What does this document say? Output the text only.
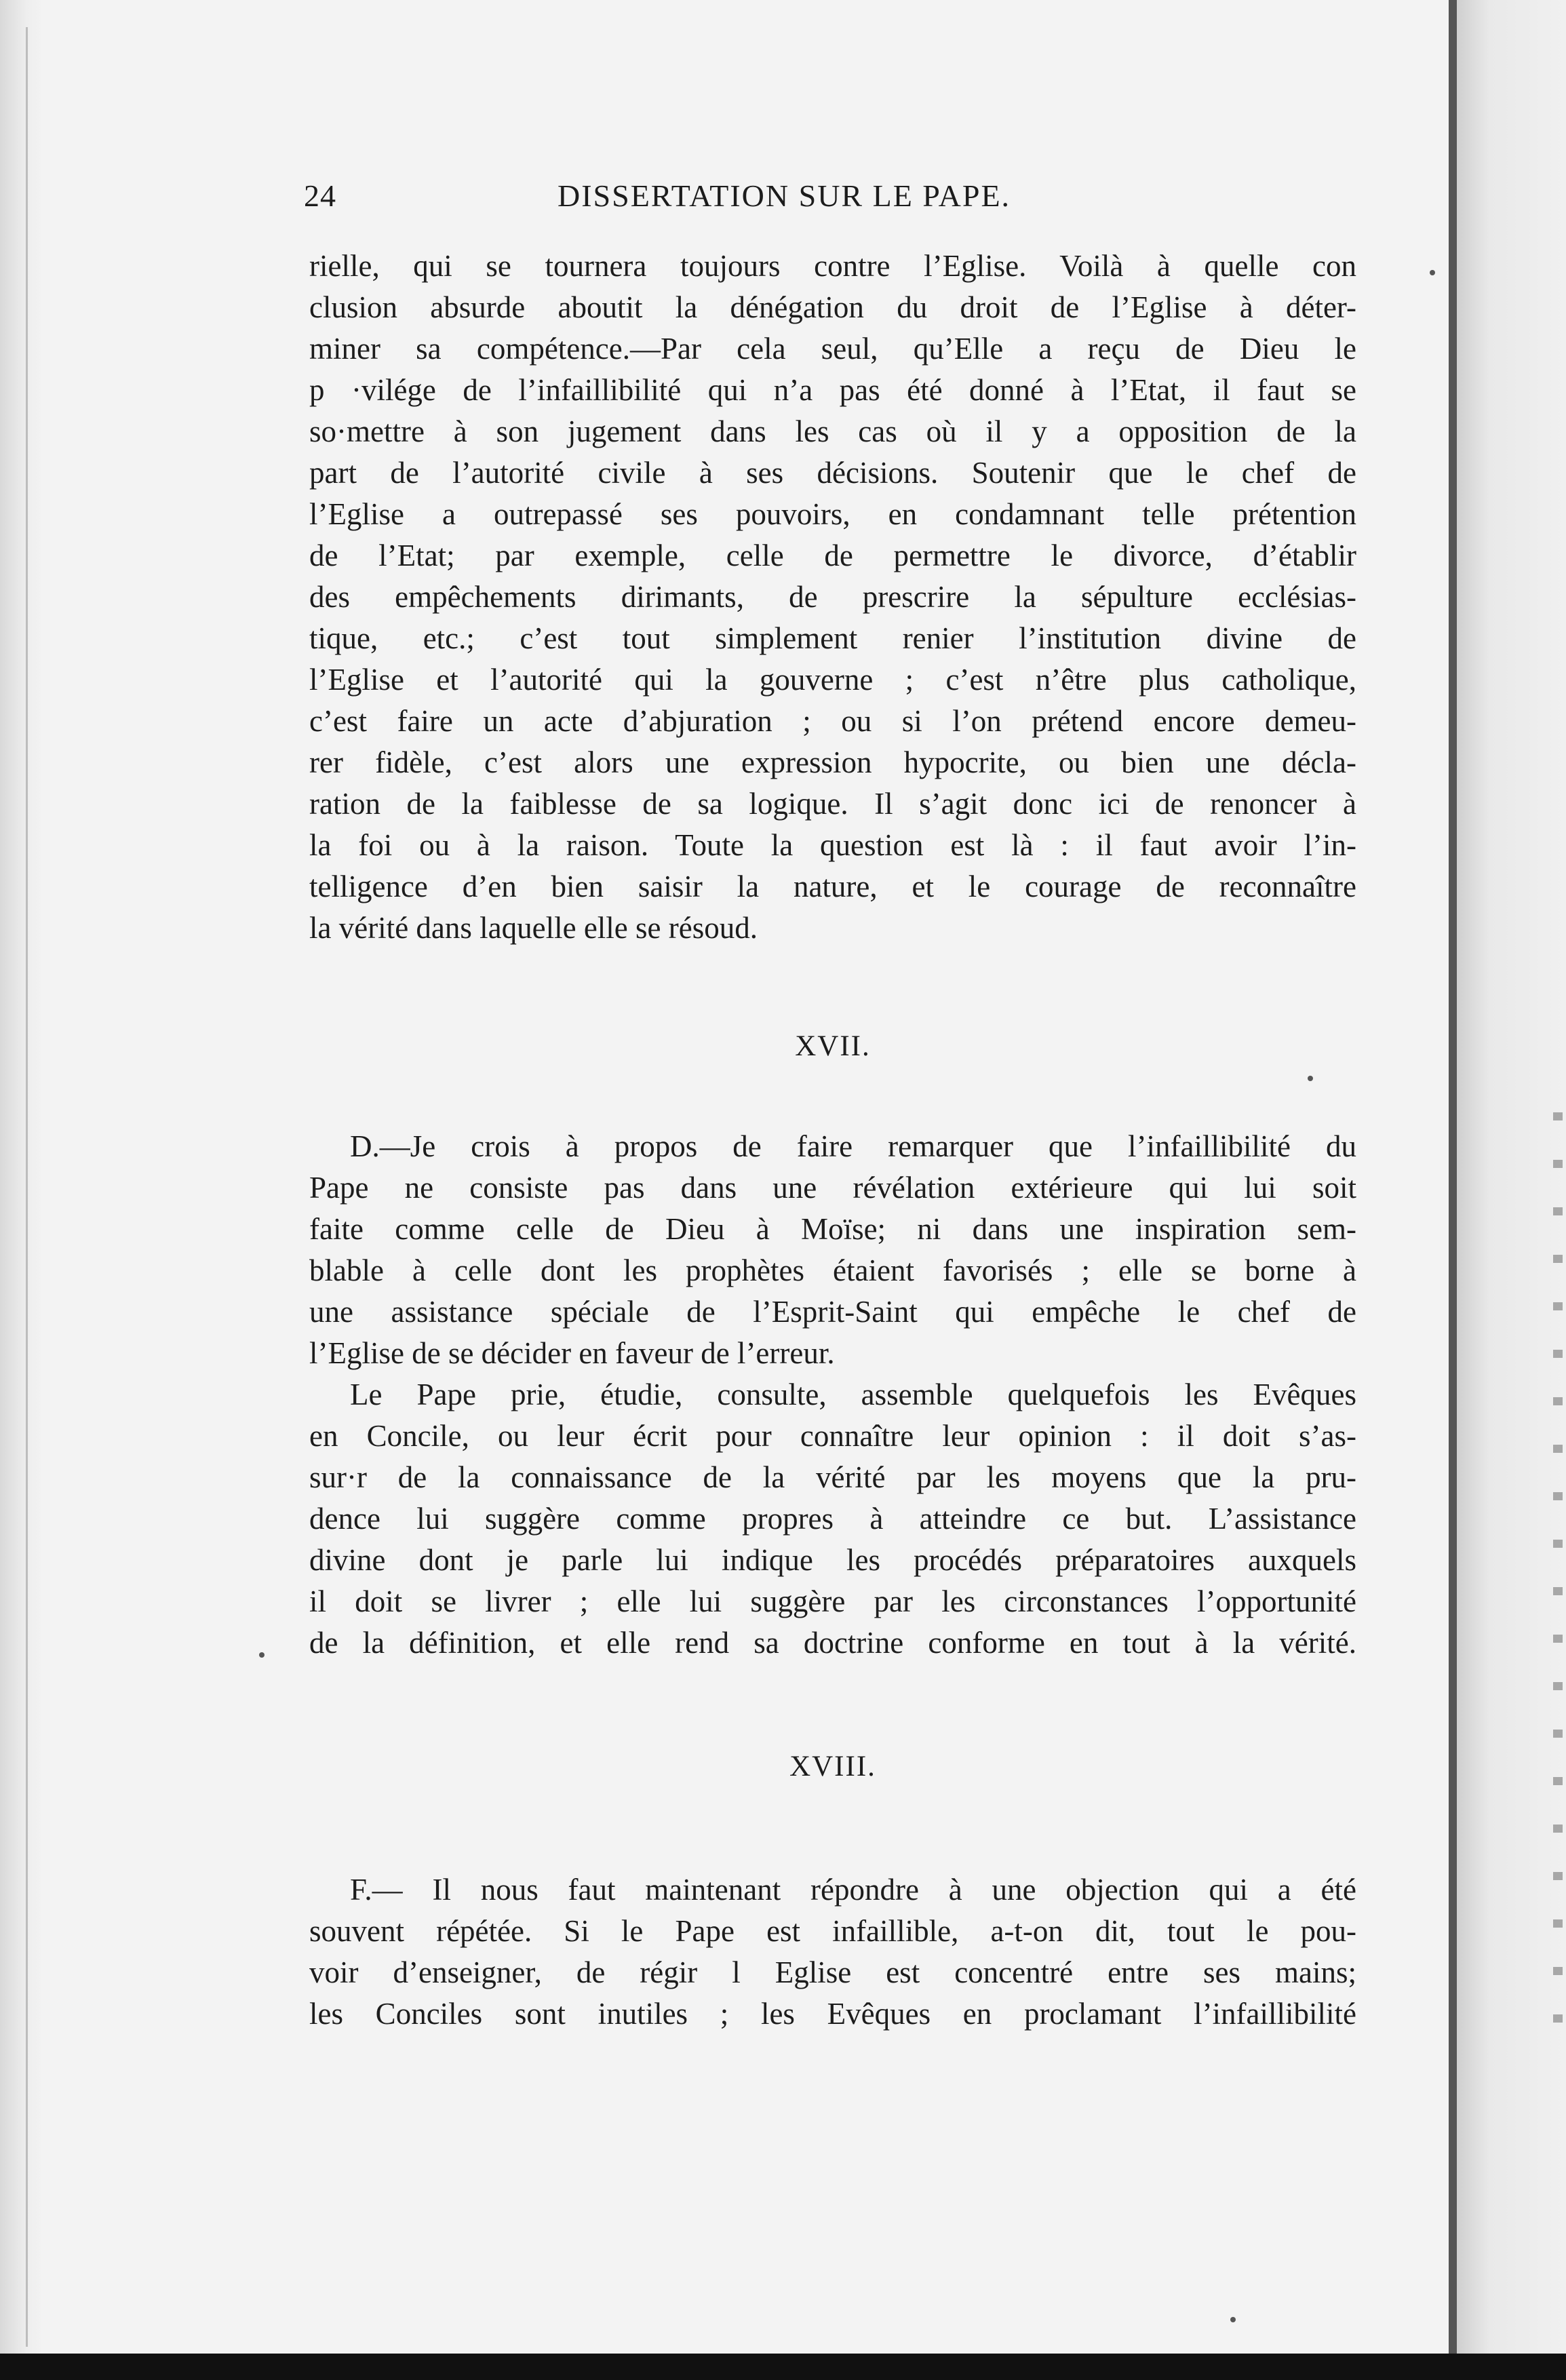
24	DISSERTATION SUR LE PAPE.
rielle, qui se tournera toujours contre l’Eglise. Voilà à quelle con
clusion absurde aboutit la dénégation du droit de l’Eglise à déter-
miner sa compétence.—Par cela seul, qu’Elle a reçu de Dieu le
p ·vilége de l’infaillibilité qui n’a pas été donné à l’Etat, il faut se
so·mettre à son jugement dans les cas où il y a opposition de la
part de l’autorité civile à ses décisions. Soutenir que le chef de
l’Eglise a outrepassé ses pouvoirs, en condamnant telle prétention
de l’Etat; par exemple, celle de permettre le divorce, d’établir
des empêchements dirimants, de prescrire la sépulture ecclésias-
tique, etc.; c’est tout simplement renier l’institution divine de
l’Eglise et l’autorité qui la gouverne ; c’est n’être plus catholique,
c’est faire un acte d’abjuration ; ou si l’on prétend encore demeu-
rer fidèle, c’est alors une expression hypocrite, ou bien une décla-
ration de la faiblesse de sa logique. Il s’agit donc ici de renoncer à
la foi ou à la raison. Toute la question est là : il faut avoir l’in-
telligence d’en bien saisir la nature, et le courage de reconnaître
la vérité dans laquelle elle se résoud.
XVII.
D.—Je crois à propos de faire remarquer que l’infaillibilité du
Pape ne consiste pas dans une révélation extérieure qui lui soit
faite comme celle de Dieu à Moïse; ni dans une inspiration sem-
blable à celle dont les prophètes étaient favorisés ; elle se borne à
une assistance spéciale de l’Esprit-Saint qui empêche le chef de
l’Eglise de se décider en faveur de l’erreur.
Le Pape prie, étudie, consulte, assemble quelquefois les Evêques
en Concile, ou leur écrit pour connaître leur opinion : il doit s’as-
sur·r de la connaissance de la vérité par les moyens que la pru-
dence lui suggère comme propres à atteindre ce but. L’assistance
divine dont je parle lui indique les procédés préparatoires auxquels
il doit se livrer ; elle lui suggère par les circonstances l’opportunité
de la définition, et elle rend sa doctrine conforme en tout à la vérité.
XVIII.
F.— Il nous faut maintenant répondre à une objection qui a été
souvent répétée. Si le Pape est infaillible, a-t-on dit, tout le pou-
voir d’enseigner, de régir l Eglise est concentré entre ses mains;
les Conciles sont inutiles ; les Evêques en proclamant l’infaillibilité
